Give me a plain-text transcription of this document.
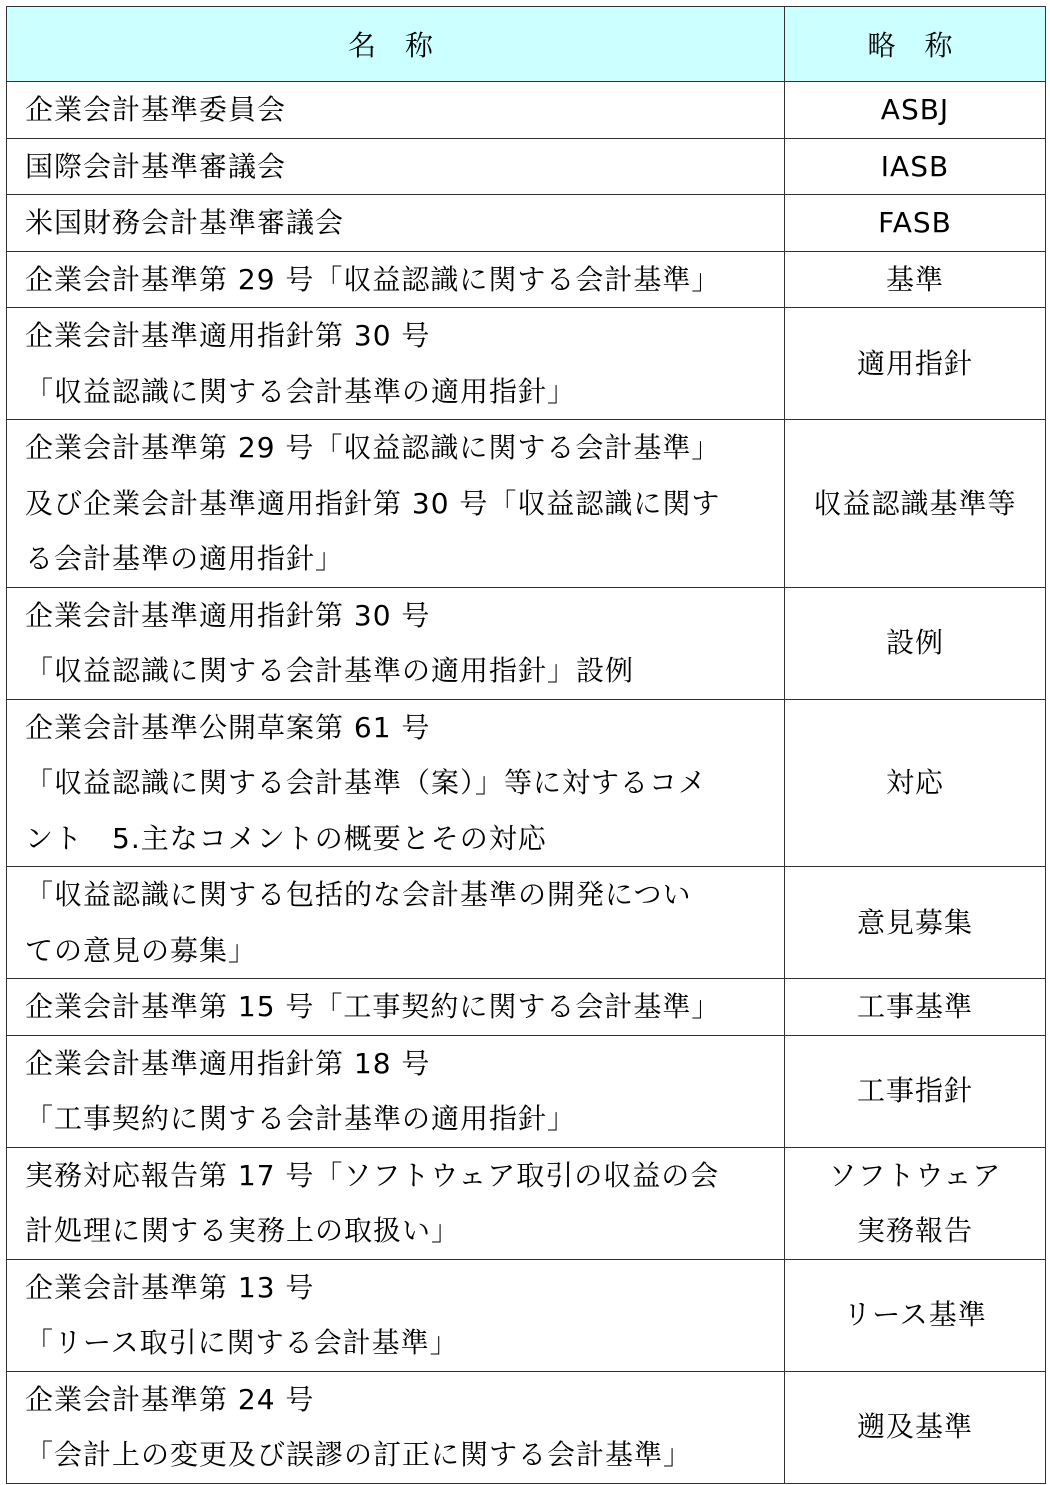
名 称	略 称

企業会計基準委員会	ASBJ

国際会計基準審議会	IASB

米国財務会計基準審議会	FASB

企業会計基準第 29 号「収益認識に関する会計基準」	基準

企業会計基準適用指針第 30 号
「収益認識に関する会計基準の適用指針」	適用指針

企業会計基準第 29 号「収益認識に関する会計基準」
及び企業会計基準適用指針第 30 号「収益認識に関す
る会計基準の適用指針」	収益認識基準等

企業会計基準適用指針第 30 号
「収益認識に関する会計基準の適用指針」設例	設例

企業会計基準公開草案第 61 号
「収益認識に関する会計基準（案）」等に対するコメ
ント　5.主なコメントの概要とその対応	対応

「収益認識に関する包括的な会計基準の開発につい
ての意見の募集」	意見募集

企業会計基準第 15 号「工事契約に関する会計基準」	工事基準

企業会計基準適用指針第 18 号
「工事契約に関する会計基準の適用指針」	工事指針

実務対応報告第 17 号「ソフトウェア取引の収益の会
計処理に関する実務上の取扱い」	ソフトウェア
実務報告

企業会計基準第 13 号
「リース取引に関する会計基準」	リース基準

企業会計基準第 24 号
「会計上の変更及び誤謬の訂正に関する会計基準」	遡及基準
